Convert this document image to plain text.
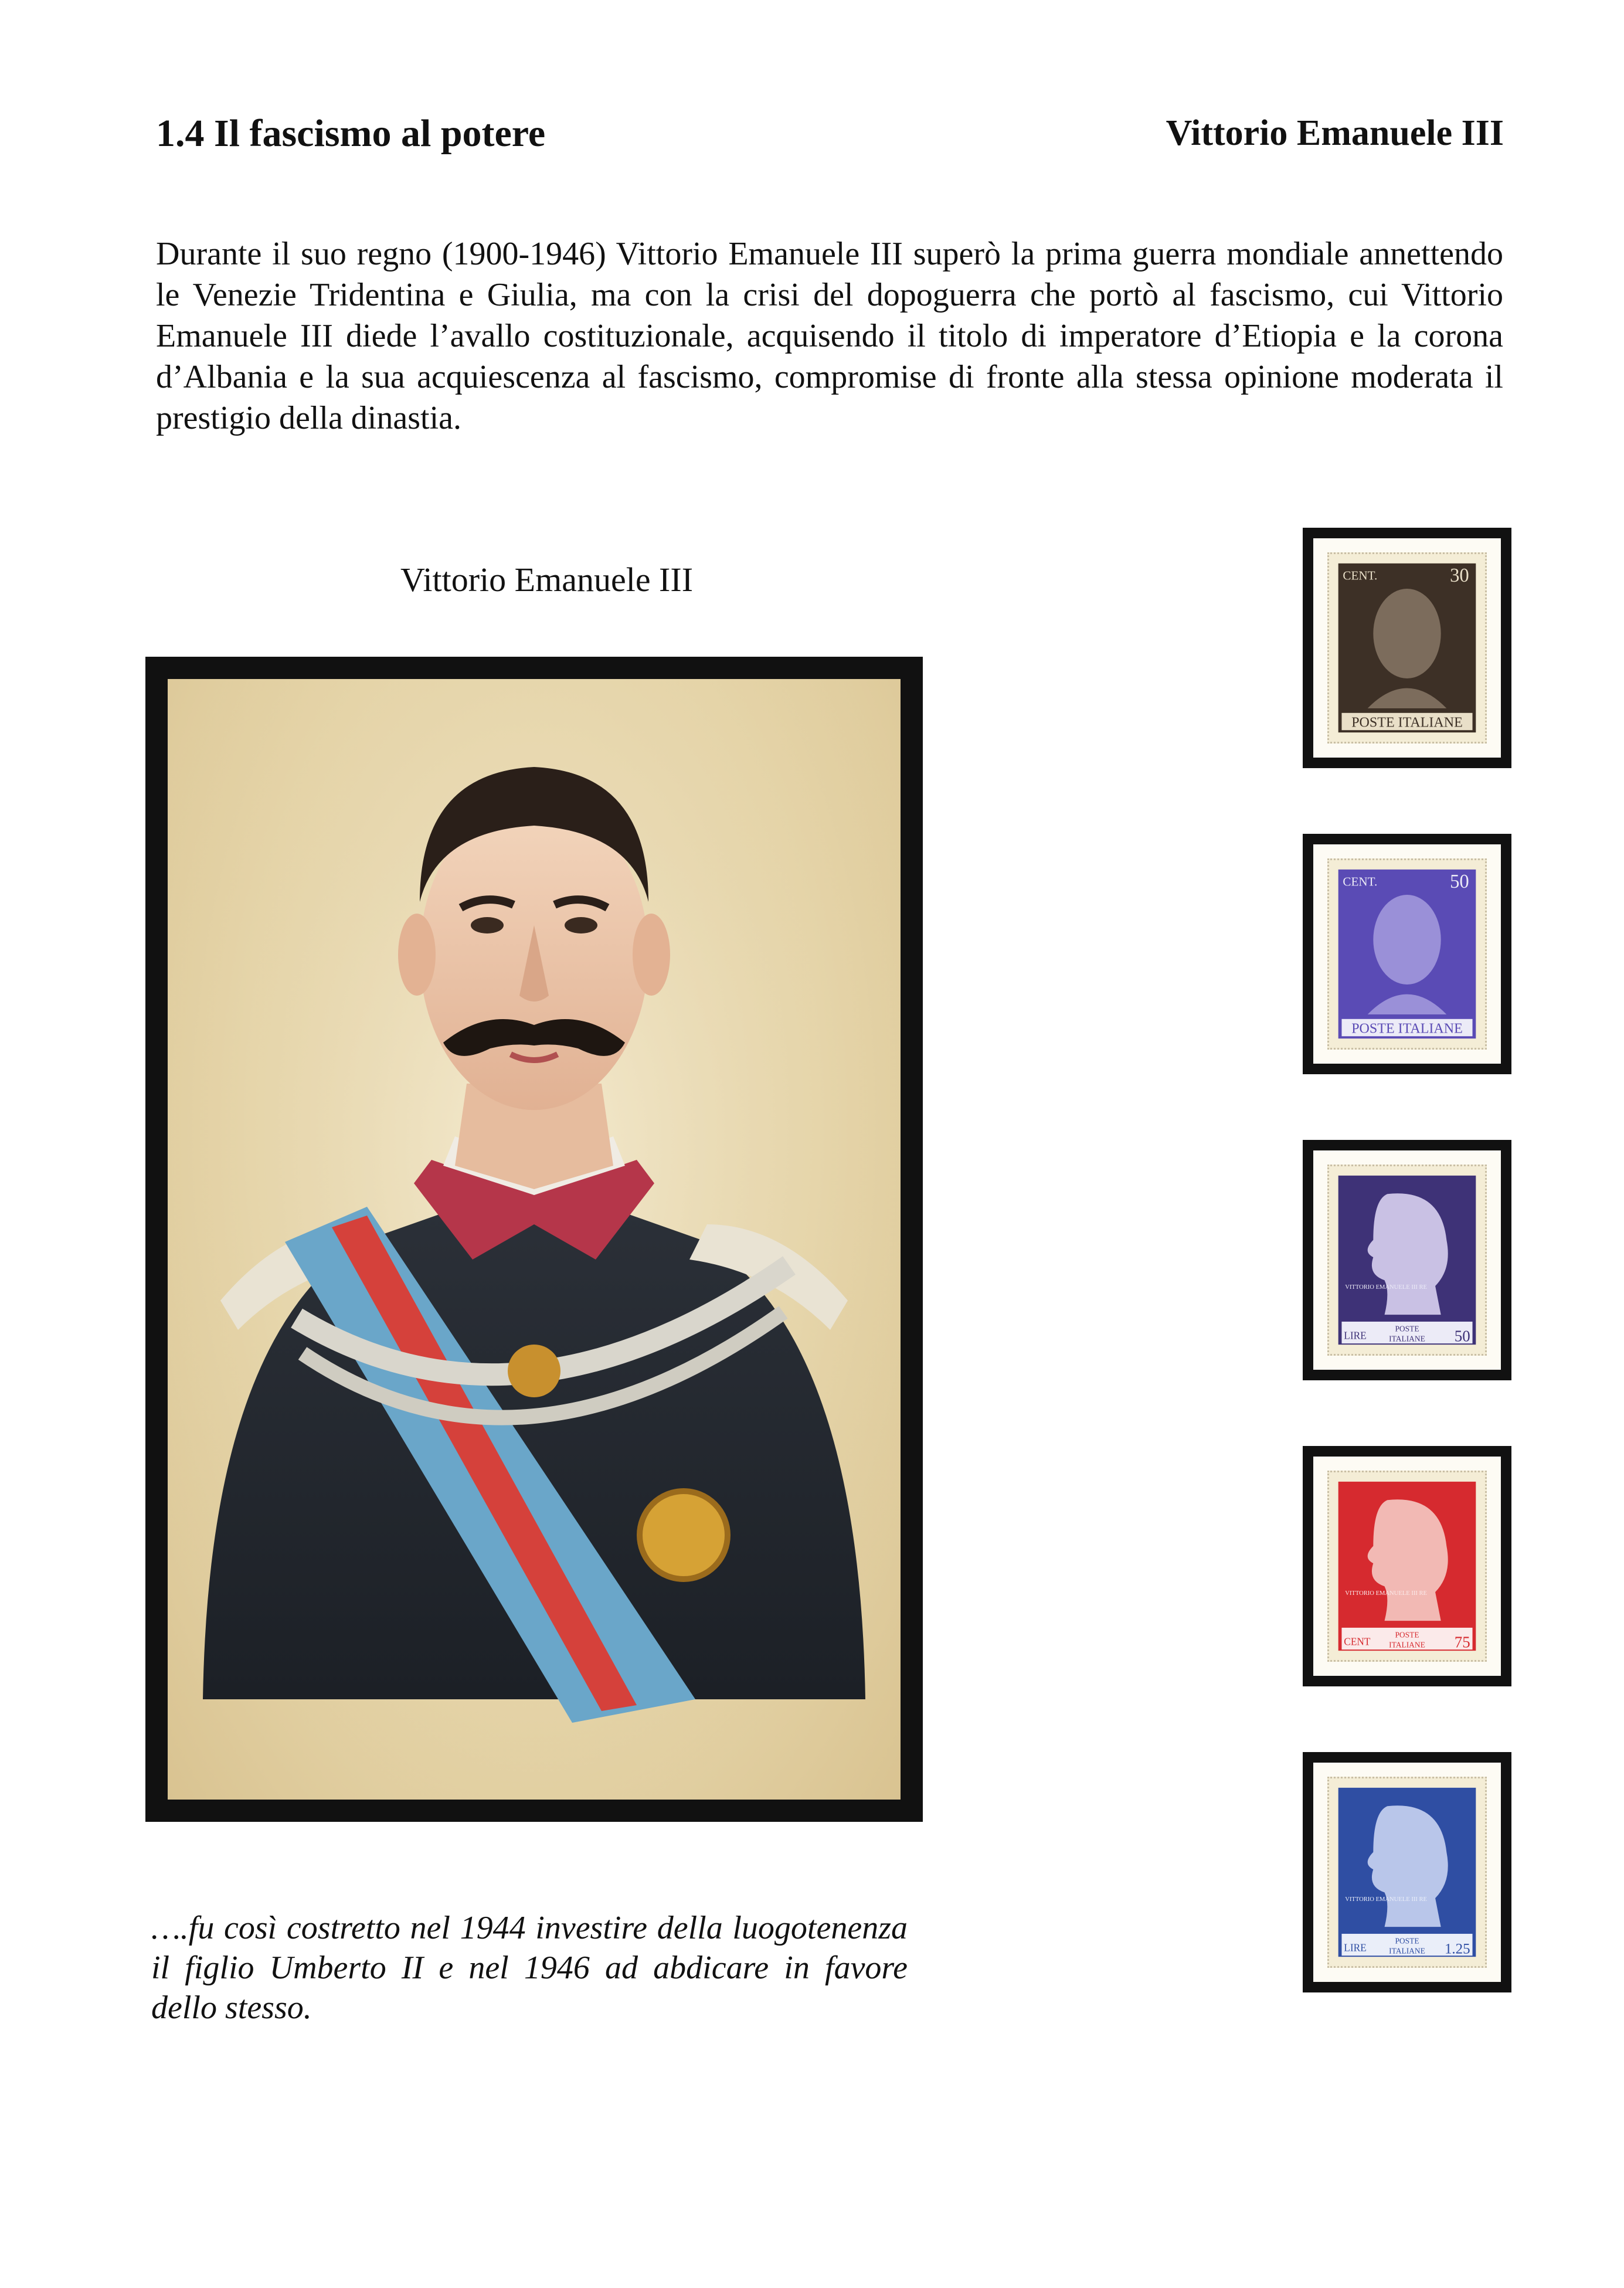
1.4 Il fascismo al potere	Vittorio Emanuele III
Durante il suo regno (1900-1946) Vittorio Emanuele III superò la prima guerra mondiale annettendo le Venezie Tridentina e Giulia, ma con la crisi del dopoguerra che portò al fascismo, cui Vittorio Emanuele III diede l’avallo costituzionale, acquisendo il titolo di imperatore d’Etiopia e la corona d’Albania e la sua acquiescenza al fascismo, compromise di fronte alla stessa opinione moderata il prestigio della dinastia.
Vittorio Emanuele III
….fu così costretto nel 1944 investire della luogotenenza il figlio Umberto II e nel 1946 ad abdicare in favore dello stesso.
CENT.	30
POSTE ITALIANE
CENT.	50
POSTE ITALIANE
VITTORIO EMANUELE III RE
LIRE
POSTE
ITALIANE 50
VITTORIO EMANUELE III RE
CENT
POSTE
ITALIANE 75
VITTORIO EMANUELE III RE
LIRE
POSTE
ITALIANE 1.25
